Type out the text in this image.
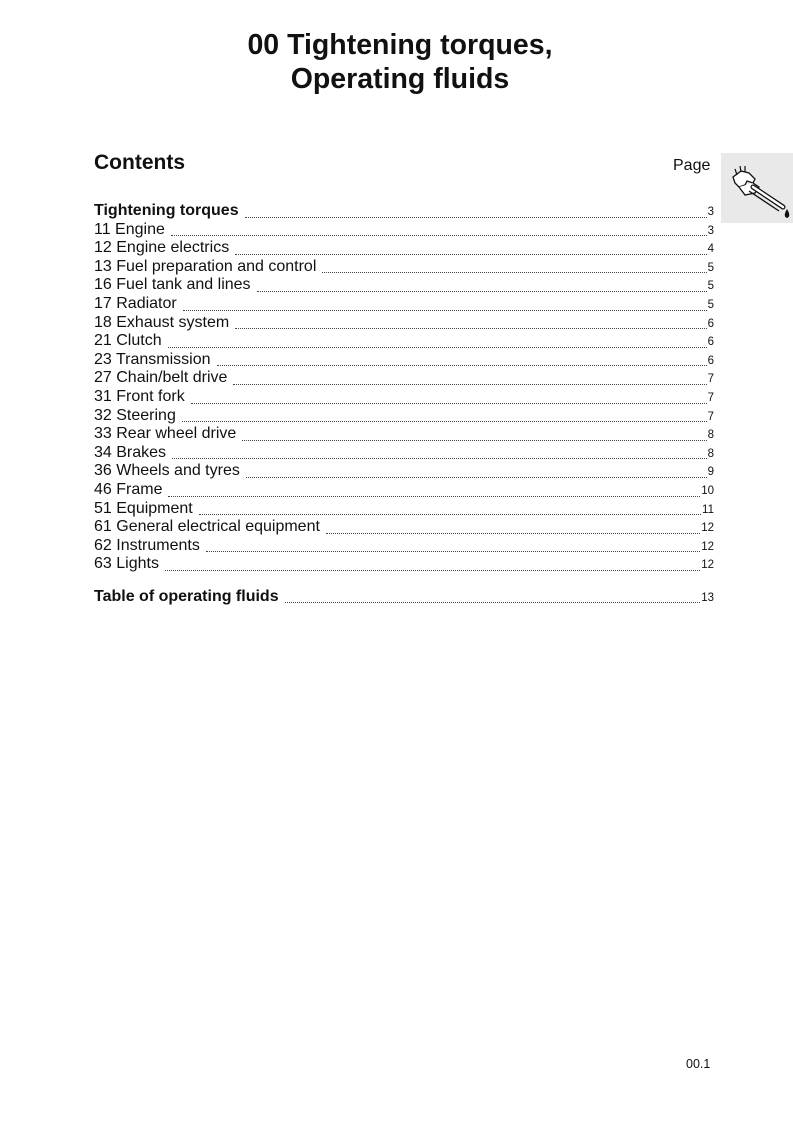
00 Tightening torques,
Operating fluids
Contents	Page
Tightening torques	3
11 Engine	3
12 Engine electrics	4
13 Fuel preparation and control	5
16 Fuel tank and lines	5
17 Radiator	5
18 Exhaust system	6
21 Clutch	6
23 Transmission	6
27 Chain/belt drive	7
31 Front fork	7
32 Steering	7
33 Rear wheel drive	8
34 Brakes	8
36 Wheels and tyres	9
46 Frame	10
51 Equipment	11
61 General electrical equipment	12
62 Instruments	12
63 Lights	12
Table of operating fluids	13
00.1
